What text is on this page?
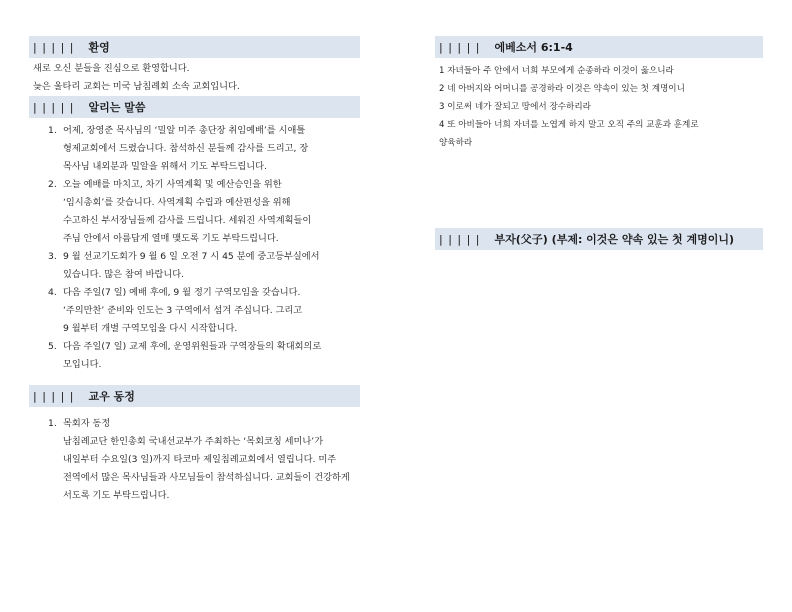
| | | | | 환영
새로 오신 분들을 진심으로 환영합니다.
늦은 울타리 교회는 미국 남침례회 소속 교회입니다.
| | | | | 알리는 말씀
1. 어제, 장영준 목사님의 ‘밀알 미주 총단장 취임예배’를 시애틀
형제교회에서 드렸습니다. 참석하신 분들께 감사를 드리고, 장
목사님 내외분과 밀알을 위해서 기도 부탁드립니다.
2. 오늘 예배를 마치고, 차기 사역계획 및 예산승인을 위한
‘임시총회’를 갖습니다. 사역계획 수립과 예산편성을 위해
수고하신 부서장님들께 감사를 드립니다. 세워진 사역계획들이
주님 안에서 아름답게 열매 맺도록 기도 부탁드립니다.
3. 9 월 선교기도회가 9 월 6 일 오전 7 시 45 분에 중고등부실에서
있습니다. 많은 참여 바랍니다.
4. 다음 주일(7 일) 예배 후에, 9 월 정기 구역모임을 갖습니다.
‘주의만찬’ 준비와 인도는 3 구역에서 섬겨 주십니다. 그리고
9 월부터 개별 구역모임을 다시 시작합니다.
5. 다음 주일(7 일) 교제 후에, 운영위원들과 구역장들의 확대회의로
모입니다.
| | | | | 교우 동정
1. 목회자 동정
남침례교단 한인총회 국내선교부가 주최하는 ‘목회코칭 세미나’가
내일부터 수요일(3 일)까지 타코마 제일침례교회에서 열립니다. 미주
전역에서 많은 목사님들과 사모님들이 참석하십니다. 교회들이 건강하게
서도록 기도 부탁드립니다.
| | | | | 에베소서 6:1-4
1 자녀들아 주 안에서 너희 부모에게 순종하라 이것이 옳으니라
2 네 아버지와 어머니를 공경하라 이것은 약속이 있는 첫 계명이니
3 이로써 네가 잘되고 땅에서 장수하리라
4 또 아비들아 너희 자녀를 노엽게 하지 말고 오직 주의 교훈과 훈계로
양육하라
| | | | | 부자(父子) (부제: 이것은 약속 있는 첫 계명이니)
